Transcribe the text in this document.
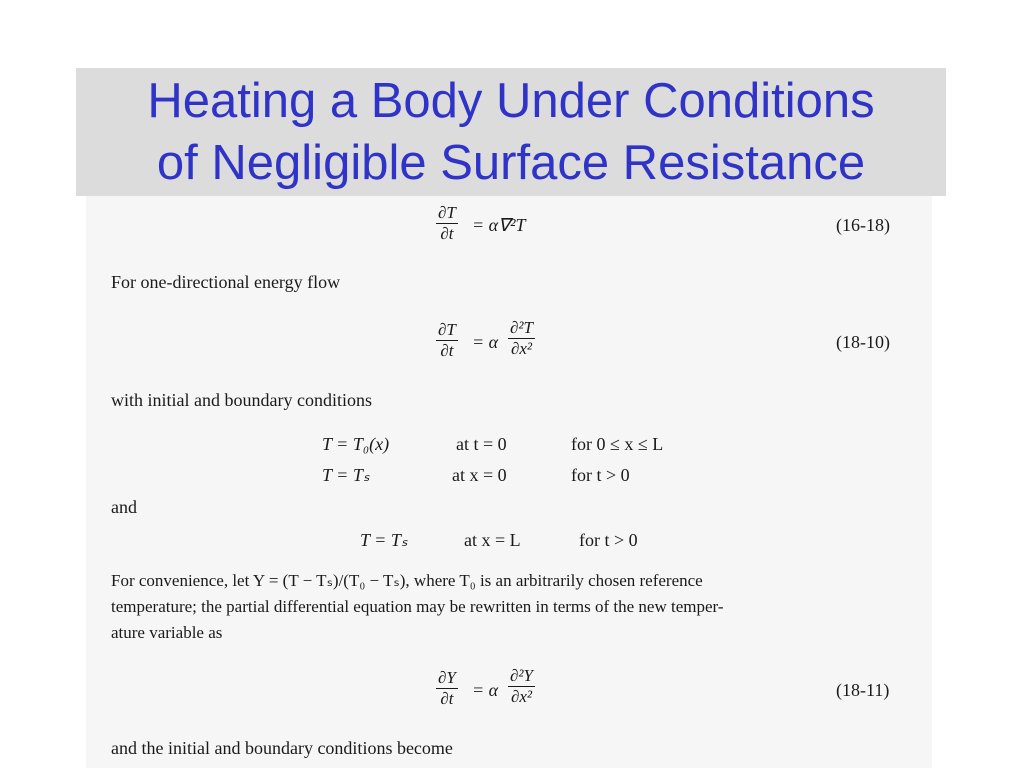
Heating a Body Under Conditions
of Negligible Surface Resistance
$\frac{\partial T}{\partial t} = \alpha\nabla^2T$	(16-18)
For one-directional energy flow
$\frac{\partial T}{\partial t} = \alpha \frac{\text{∂²T}}{\text{∂x²}}$	(18-10)
with initial and boundary conditions
T = T₀(x)	at t = 0	for 0 ≤ x ≤ L
T = Tₛ	at x = 0	for t > 0
and
T = Tₛ	at x = L	for t > 0
For convenience, let Y = (T − Tₛ)/(T₀ − Tₛ), where T₀ is an arbitrarily chosen reference
temperature; the partial differential equation may be rewritten in terms of the new temper-
ature variable as
$\frac{\partial Y}{\partial t} = \alpha \frac{\text{∂²Y}}{\text{∂x²}}$	(18-11)
and the initial and boundary conditions become
